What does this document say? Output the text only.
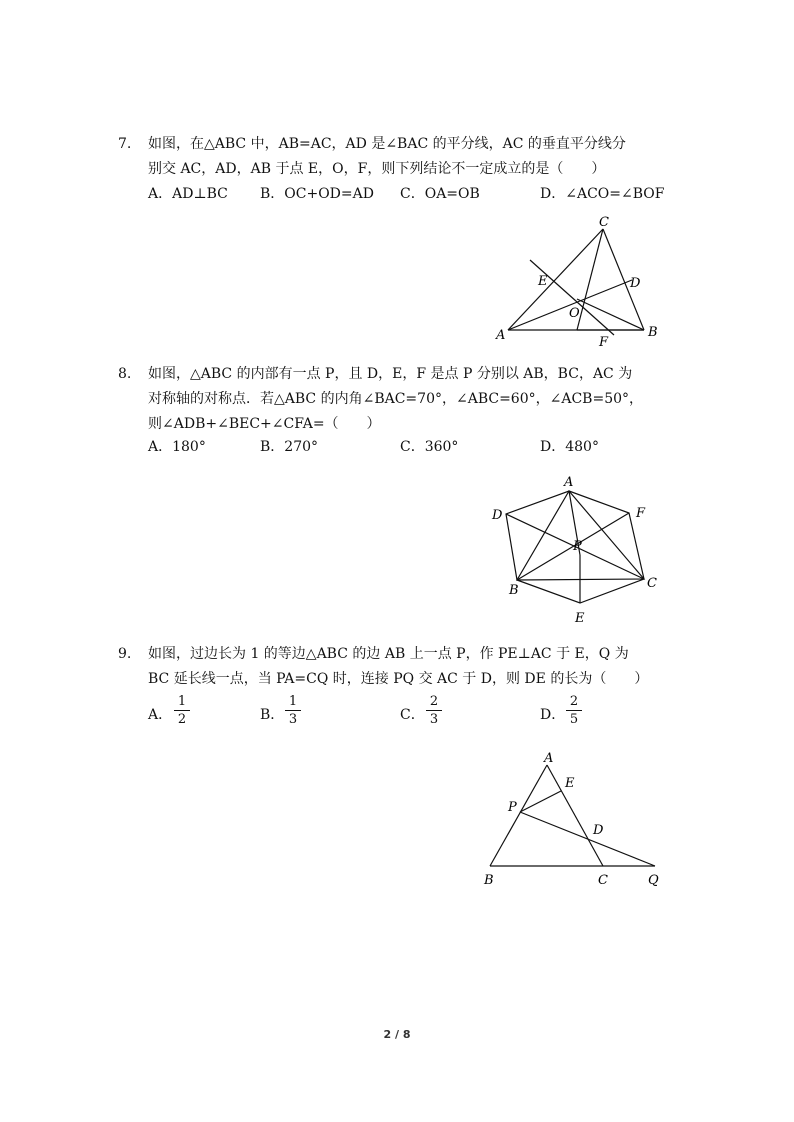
7. 如图，在△ABC 中，AB=AC，AD 是∠BAC 的平分线，AC 的垂直平分线分
别交 AC，AD，AB 于点 E，O，F，则下列结论不一定成立的是（　　）
A．AD⊥BC B．OC+OD=AD C．OA=OB	D．∠ACO=∠BOF
C
E	D
O
A	B
F
8. 如图，△ABC 的内部有一点 P，且 D，E，F 是点 P 分别以 AB，BC，AC 为
对称轴的对称点．若△ABC 的内角∠BAC=70°，∠ABC=60°，∠ACB=50°，
则∠ADB+∠BEC+∠CFA=（　　）
A．180°	B．270°	C．360°	D．480°
A
D	F
P
B	C
E
9. 如图，过边长为 1 的等边△ABC 的边 AB 上一点 P，作 PE⊥AC 于 E，Q 为
BC 延长线一点，当 PA=CQ 时，连接 PQ 交 AC 于 D，则 DE 的长为（　　）
A． $\frac{1}{2}$	B． $\frac{1}{3}$	C． $\frac{2}{3}$	D． $\frac{2}{5}$
A
E
P
D
B	C	Q
2 / 8
